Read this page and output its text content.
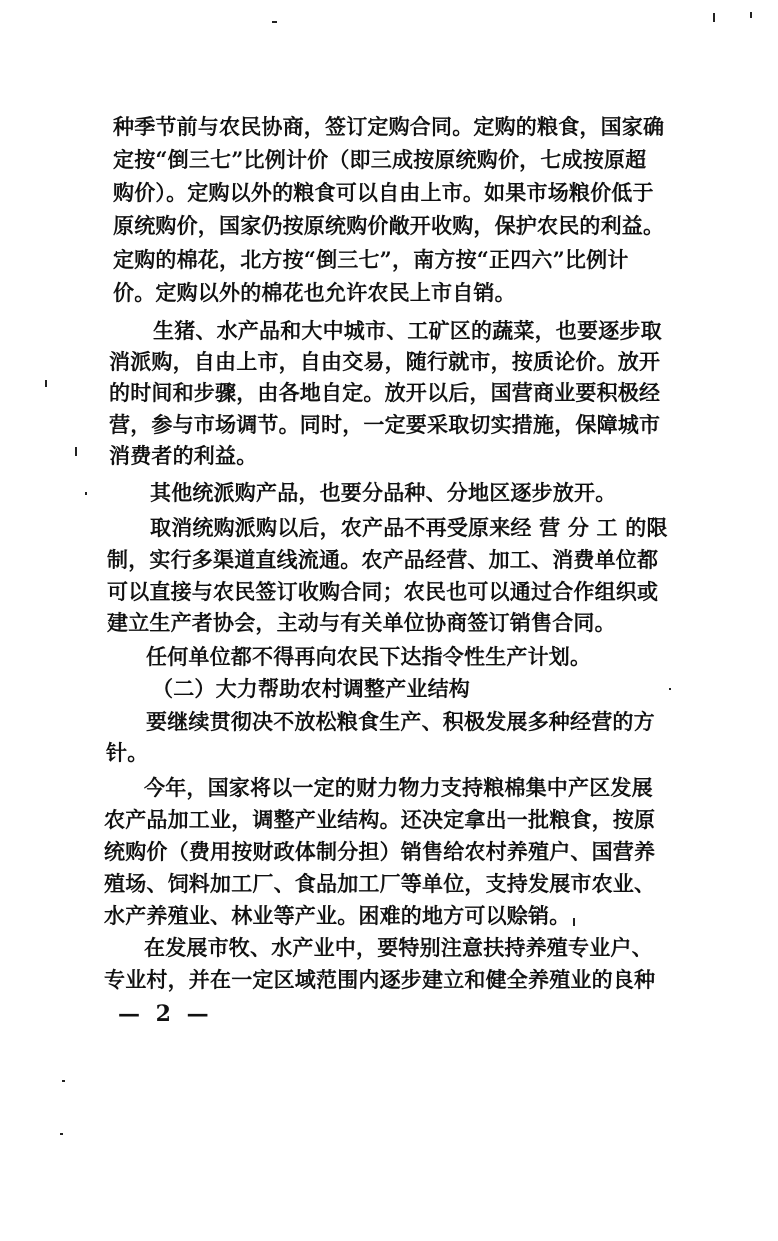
种季节前与农民协商，签订定购合同。定购的粮食，国家确
定按“倒三七”比例计价（即三成按原统购价，七成按原超
购价）。定购以外的粮食可以自由上市。如果市场粮价低于
原统购价，国家仍按原统购价敞开收购，保护农民的利益。
定购的棉花，北方按“倒三七”，南方按“正四六”比例计
价。定购以外的棉花也允许农民上市自销。
生猪、水产品和大中城市、工矿区的蔬菜，也要逐步取
消派购，自由上市，自由交易，随行就市，按质论价。放开
的时间和步骤，由各地自定。放开以后，国营商业要积极经
营，参与市场调节。同时，一定要采取切实措施，保障城市
消费者的利益。
其他统派购产品，也要分品种、分地区逐步放开。
取消统购派购以后，农产品不再受原来经 营 分 工 的限
制，实行多渠道直线流通。农产品经营、加工、消费单位都
可以直接与农民签订收购合同；农民也可以通过合作组织或
建立生产者协会，主动与有关单位协商签订销售合同。
任何单位都不得再向农民下达指令性生产计划。
（二）大力帮助农村调整产业结构
要继续贯彻决不放松粮食生产、积极发展多种经营的方
针。
今年，国家将以一定的财力物力支持粮棉集中产区发展
农产品加工业，调整产业结构。还决定拿出一批粮食，按原
统购价（费用按财政体制分担）销售给农村养殖户、国营养
殖场、饲料加工厂、食品加工厂等单位，支持发展市农业、
水产养殖业、林业等产业。困难的地方可以赊销。
在发展市牧、水产业中，要特别注意扶持养殖专业户、
专业村，并在一定区域范围内逐步建立和健全养殖业的良种
— 2 —
